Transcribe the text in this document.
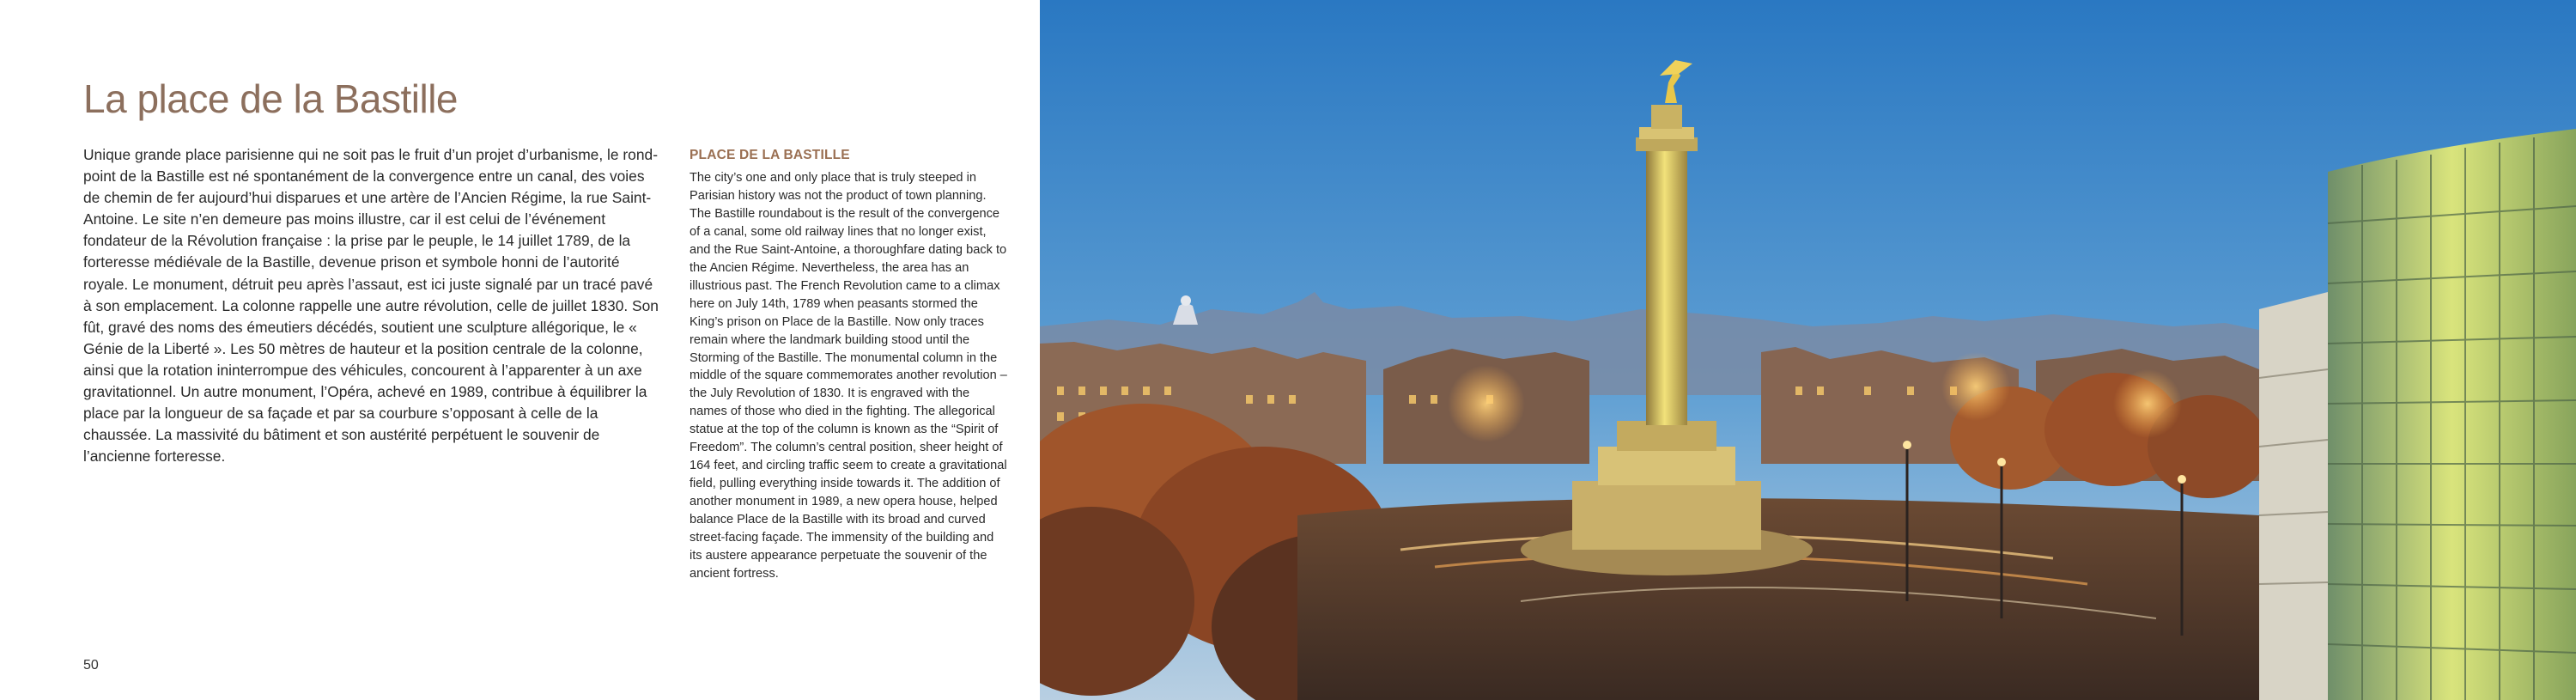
La place de la Bastille

Unique grande place parisienne qui ne soit pas le fruit d’un projet d’urbanisme, le rond-point de la Bastille est né spontanément de la convergence entre un canal, des voies de chemin de fer aujourd’hui disparues et une artère de l’Ancien Régime, la rue Saint-Antoine. Le site n’en demeure pas moins illustre, car il est celui de l’événement fondateur de la Révolution française : la prise par le peuple, le 14 juillet 1789, de la forteresse médiévale de la Bastille, devenue prison et symbole honni de l’autorité royale. Le monument, détruit peu après l’assaut, est ici juste signalé par un tracé pavé à son emplacement. La colonne rappelle une autre révolution, celle de juillet 1830. Son fût, gravé des noms des émeutiers décédés, soutient une sculpture allégorique, le « Génie de la Liberté ». Les 50 mètres de hauteur et la position centrale de la colonne, ainsi que la rotation ininterrompue des véhicules, concourent à l’apparenter à un axe gravitationnel. Un autre monument, l’Opéra, achevé en 1989, contribue à équilibrer la place par la longueur de sa façade et par sa courbure s’opposant à celle de la chaussée. La massivité du bâtiment et son austérité perpétuent le souvenir de l’ancienne forteresse.

PLACE DE LA BASTILLE

The city’s one and only place that is truly steeped in Parisian history was not the product of town planning. The Bastille roundabout is the result of the convergence of a canal, some old railway lines that no longer exist, and the Rue Saint-Antoine, a thoroughfare dating back to the Ancien Régime. Nevertheless, the area has an illustrious past. The French Revolution came to a climax here on July 14th, 1789 when peasants stormed the King’s prison on Place de la Bastille. Now only traces remain where the landmark building stood until the Storming of the Bastille. The monumental column in the middle of the square commemorates another revolution –the July Revolution of 1830. It is engraved with the names of those who died in the fighting. The allegorical statue at the top of the column is known as the “Spirit of Freedom”. The column’s central position, sheer height of 164 feet, and circling traffic seem to create a gravitational field, pulling everything inside towards it. The addition of another monument in 1989, a new opera house, helped balance Place de la Bastille with its broad and curved street-facing façade. The immensity of the building and its austere appearance perpetuate the souvenir of the ancient fortress.

50
